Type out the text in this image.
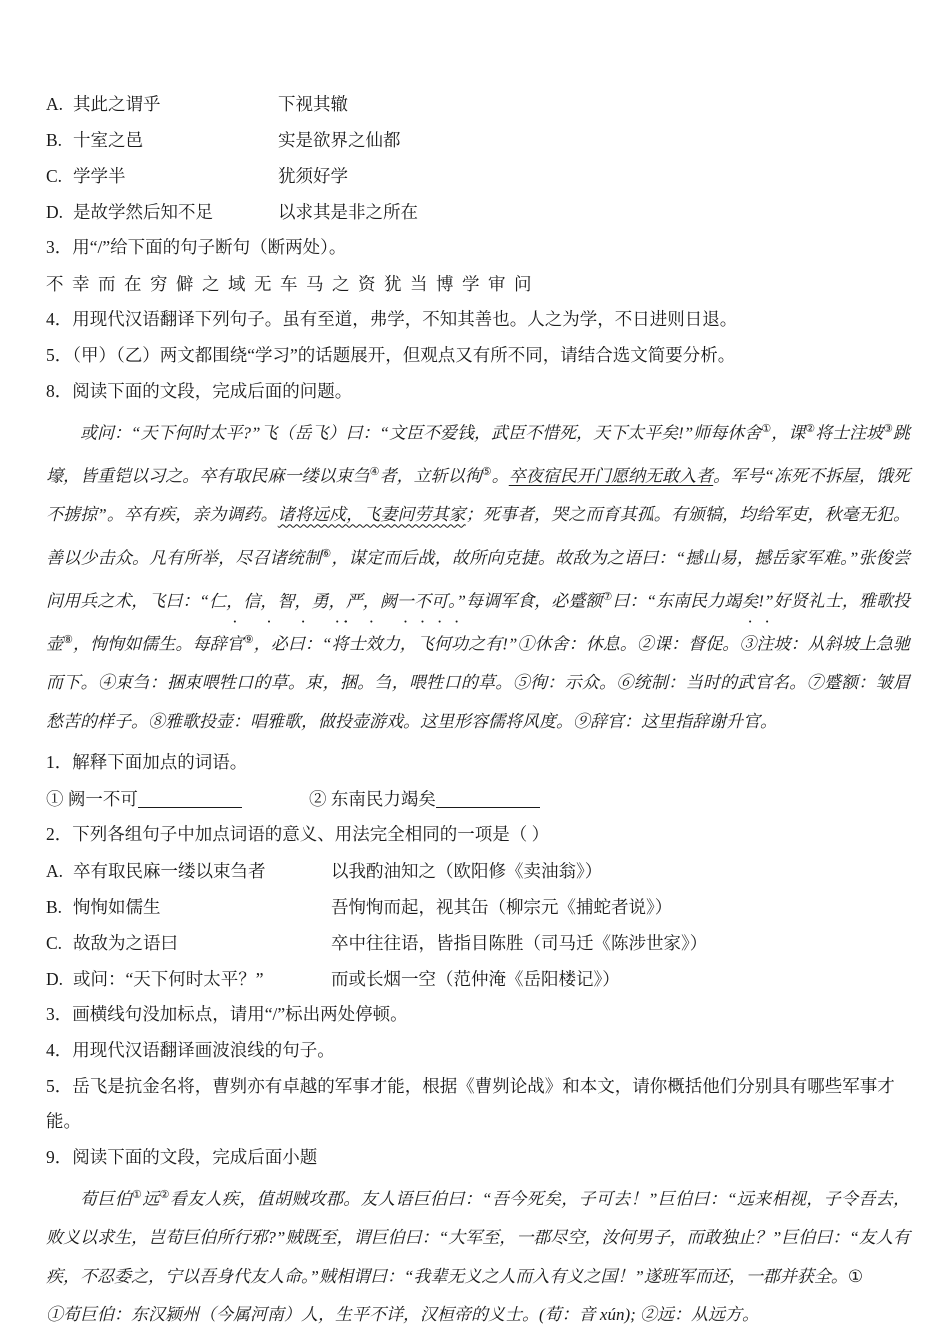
A. 其此之谓乎	下视其辙
B. 十室之邑	实是欲界之仙都
C. 学学半	犹须好学
D. 是故学然后知不足	以求其是非之所在
3．用“/”给下面的句子断句（断两处）。
不幸而在穷僻之域无车马之资犹当博学审问
4．用现代汉语翻译下列句子。虽有至道，弗学，不知其善也。人之为学，不日进则日退。
5．（甲）（乙）两文都围绕“学习”的话题展开，但观点又有所不同，请结合选文简要分析。
8．阅读下面的文段，完成后面的问题。
或问：“天下何时太平?”飞（岳飞）曰：“文臣不爱钱，武臣不惜死，天下太平矣!”师每休舍①，课②将士注坡③跳壕，皆重铠以习之。卒有取民麻一缕以束刍④者，立斩以徇⑤。卒夜宿民开门愿纳无敢入者。军号“冻死不拆屋，饿死不掳掠”。卒有疾，亲为调药。诸将远戍，飞妻问劳其家；死事者，哭之而育其孤。有颁犒，均给军吏，秋毫无犯。善以少击众。凡有所举，尽召诸统制⑥，谋定而后战，故所向克捷。故敌为之语曰：“撼山易，撼岳家军难。”张俊尝问用兵之术，飞曰：“仁， ·信， ·智， ·勇， ·严， ·阙一不可。”每调军食，必蹙额⑦曰：“东南民力竭矣!”好贤礼士，雅歌投壶⑧，恂恂如儒生。每辞官⑨，必曰：“将士效力，飞何功之有!”①休舍：休息。②课：督促。③注坡：从斜坡上急驰而下。④束刍：捆束喂牲口的草。束，捆。刍，喂牲口的草。⑤徇：示众。⑥统制：当时的武官名。⑦蹙额：皱眉愁苦的样子。⑧雅歌投壶：唱雅歌，做投壶游戏。这里形容儒将风度。⑨辞官：这里指辞谢升官。
1．解释下面加点的词语。
① 阙一不可	② 东南民力竭矣
2．下列各组句子中加点词语的意义、用法完全相同的一项是（ ）
A. 卒有取民麻一缕以束刍者	以我酌油知之（欧阳修《卖油翁》）
B. 恂恂如儒生	吾恂恂而起，视其缶（柳宗元《捕蛇者说》）
C. 故敌为之语曰	卒中往往语，皆指目陈胜（司马迁《陈涉世家》）
D. 或问：“天下何时太平？”	而或长烟一空（范仲淹《岳阳楼记》）
3．画横线句没加标点，请用“/”标出两处停顿。
4．用现代汉语翻译画波浪线的句子。
5．岳飞是抗金名将，曹刿亦有卓越的军事才能，根据《曹刿论战》和本文，请你概括他们分别具有哪些军事才能。
9．阅读下面的文段，完成后面小题
荀巨伯①远②看友人疾，值胡贼攻郡。友人语巨伯曰：“吾今死矣，子可去！”巨伯曰：“远来相视，子令吾去，败义以求生，岂荀巨伯所行邪?”贼既至，谓巨伯曰：“大军至，一郡尽空，汝何男子，而敢独止？”巨伯曰：“友人有疾，不忍委之，宁以吾身代友人命。”贼相谓曰：“我辈无义之人而入有义之国！”遂班军而还，一郡并获全。①
①荀巨伯：东汉颍州（今属河南）人，生平不详，汉桓帝的义士。(荀：音 xún); ②远：从远方。
